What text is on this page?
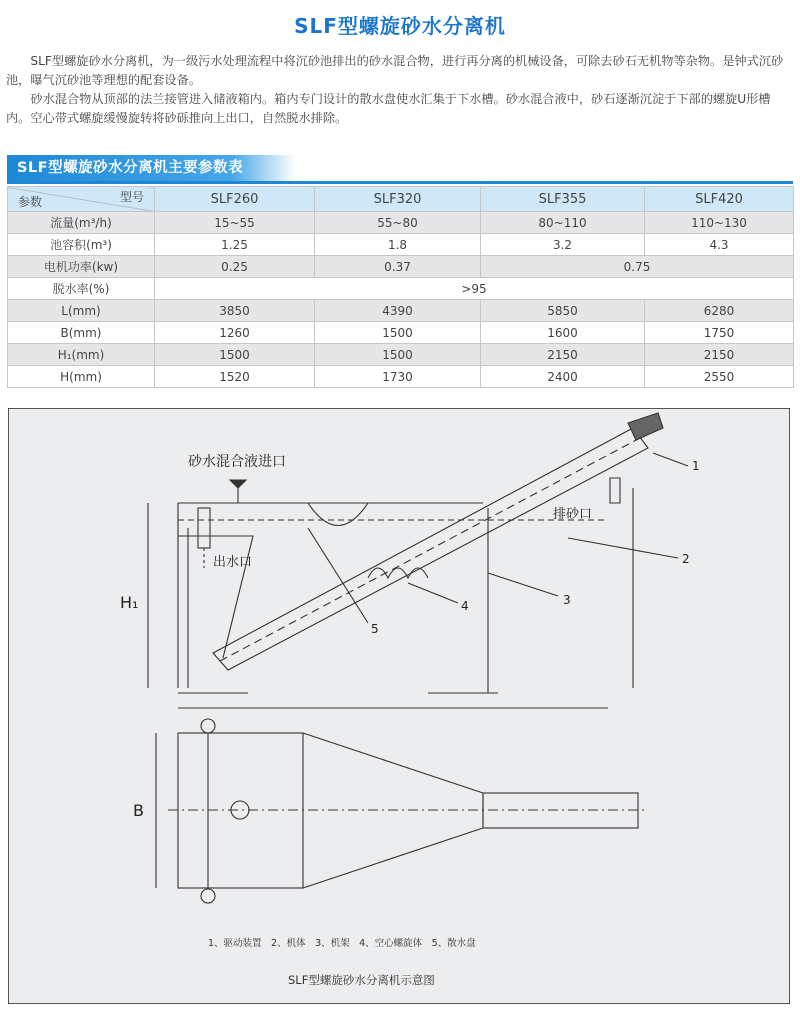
SLF型螺旋砂水分离机

SLF型螺旋砂水分离机，为一级污水处理流程中将沉砂池排出的砂水混合物，进行再分离的机械设备，可除去砂石无机物等杂物。是钟式沉砂池，曝气沉砂池等理想的配套设备。

砂水混合物从顶部的法兰接管进入储液箱内。箱内专门设计的散水盘使水汇集于下水槽。砂水混合液中，砂石逐渐沉淀于下部的螺旋U形槽内。空心带式螺旋缓慢旋转将砂砾推向上出口，自然脱水排除。

SLF型螺旋砂水分离机主要参数表
型号
参数	SLF260	SLF320	SLF355	SLF420
流量(m³/h)	15~55	55~80	80~110	110~130
池容积(m³)	1.25	1.8	3.2	4.3
电机功率(kw)	0.25	0.37	0.75	
脱水率(%)	>95			
L(mm)	3850	4390	5850	6280
B(mm)	1260	1500	1600	1750
H₁(mm)	1500	1500	2150	2150
H(mm)	1520	1730	2400	2550
砂水混合液进口
出水口
排砂口
H₁
B
1
2
3
4
5
1、驱动装置　2、机体　3、机架　4、空心螺旋体　5、散水盘
SLF型螺旋砂水分离机示意图
